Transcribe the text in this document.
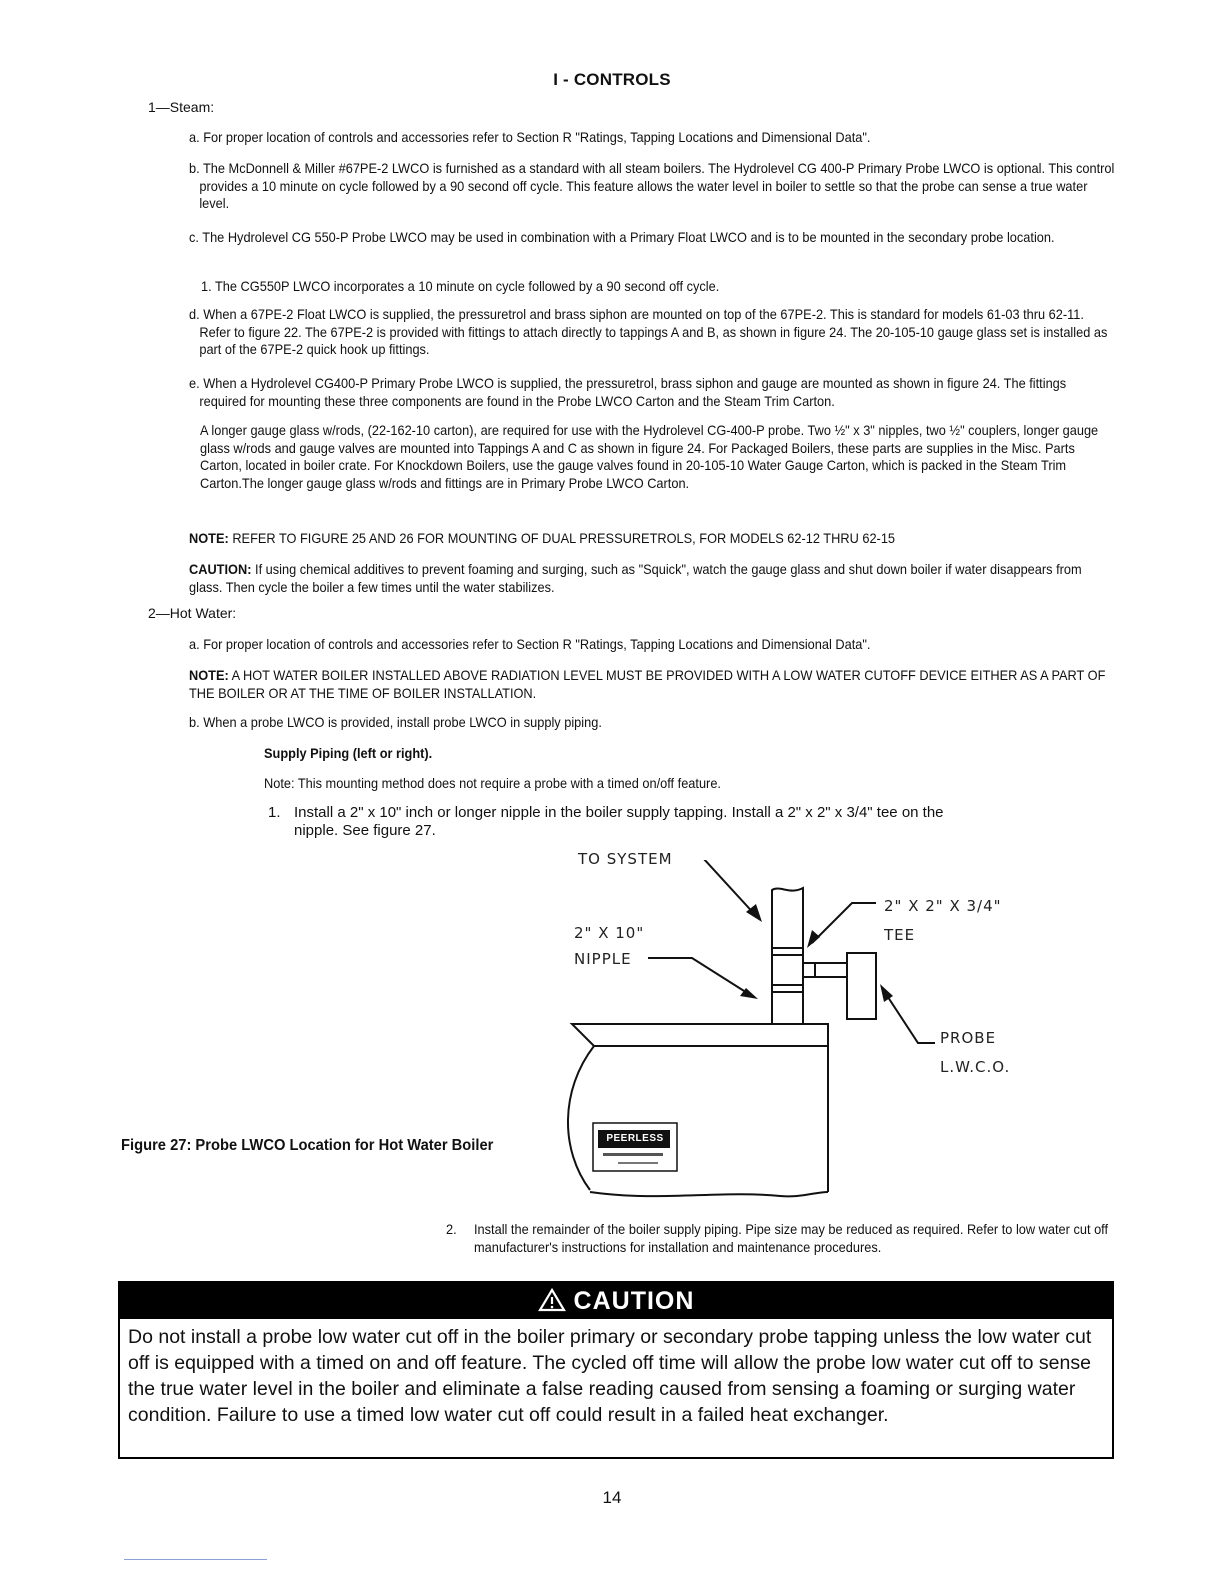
I - CONTROLS
1—Steam:
a. For proper location of controls and accessories refer to Section R "Ratings, Tapping Locations and Dimensional Data".
b. The McDonnell & Miller #67PE-2 LWCO is furnished as a standard with all steam boilers. The Hydrolevel CG 400-P Primary Probe LWCO is optional. This control provides a 10 minute on cycle followed by a 90 second off cycle. This feature allows the water level in boiler to settle so that the probe can sense a true water level.
c. The Hydrolevel CG 550-P Probe LWCO may be used in combination with a Primary Float LWCO and is to be mounted in the secondary probe location.
1. The CG550P LWCO incorporates a 10 minute on cycle followed by a 90 second off cycle.
d. When a 67PE-2 Float LWCO is supplied, the pressuretrol and brass siphon are mounted on top of the 67PE-2. This is standard for models 61-03 thru 62-11. Refer to figure 22. The 67PE-2 is provided with fittings to attach directly to tappings A and B, as shown in figure 24. The 20-105-10 gauge glass set is installed as part of the 67PE-2 quick hook up fittings.
e. When a Hydrolevel CG400-P Primary Probe LWCO is supplied, the pressuretrol, brass siphon and gauge are mounted as shown in figure 24. The fittings required for mounting these three components are found in the Probe LWCO Carton and the Steam Trim Carton.
A longer gauge glass w/rods, (22-162-10 carton), are required for use with the Hydrolevel CG-400-P probe. Two ½" x 3" nipples, two ½" couplers, longer gauge glass w/rods and gauge valves are mounted into Tappings A and C as shown in figure 24. For Packaged Boilers, these parts are supplies in the Misc. Parts Carton, located in boiler crate. For Knockdown Boilers, use the gauge valves found in 20-105-10 Water Gauge Carton, which is packed in the Steam Trim Carton.The longer gauge glass w/rods and fittings are in Primary Probe LWCO Carton.
NOTE: REFER TO FIGURE 25 AND 26 FOR MOUNTING OF DUAL PRESSURETROLS, FOR MODELS 62-12 THRU 62-15
CAUTION: If using chemical additives to prevent foaming and surging, such as "Squick", watch the gauge glass and shut down boiler if water disappears from glass. Then cycle the boiler a few times until the water stabilizes.
2—Hot Water:
a. For proper location of controls and accessories refer to Section R "Ratings, Tapping Locations and Dimensional Data".
NOTE: A HOT WATER BOILER INSTALLED ABOVE RADIATION LEVEL MUST BE PROVIDED WITH A LOW WATER CUTOFF DEVICE EITHER AS A PART OF THE BOILER OR AT THE TIME OF BOILER INSTALLATION.
b. When a probe LWCO is provided, install probe LWCO in supply piping.
Supply Piping (left or right).
Note: This mounting method does not require a probe with a timed on/off feature.
1. Install a 2" x 10" inch or longer nipple in the boiler supply tapping. Install a 2" x 2" x 3/4" tee on the nipple. See figure 27.
PEERLESS
TO SYSTEM
2" X 2" X 3/4"
TEE
2" X 10"
NIPPLE
PROBE
L.W.C.O.
Figure 27: Probe LWCO Location for Hot Water Boiler
2. Install the remainder of the boiler supply piping. Pipe size may be reduced as required. Refer to low water cut off manufacturer's instructions for installation and maintenance procedures.
CAUTION
Do not install a probe low water cut off in the boiler primary or secondary probe tapping unless the low water cut off is equipped with a timed on and off feature. The cycled off time will allow the probe low water cut off to sense the true water level in the boiler and eliminate a false reading caused from sensing a foaming or surging water condition. Failure to use a timed low water cut off could result in a failed heat exchanger.
14
